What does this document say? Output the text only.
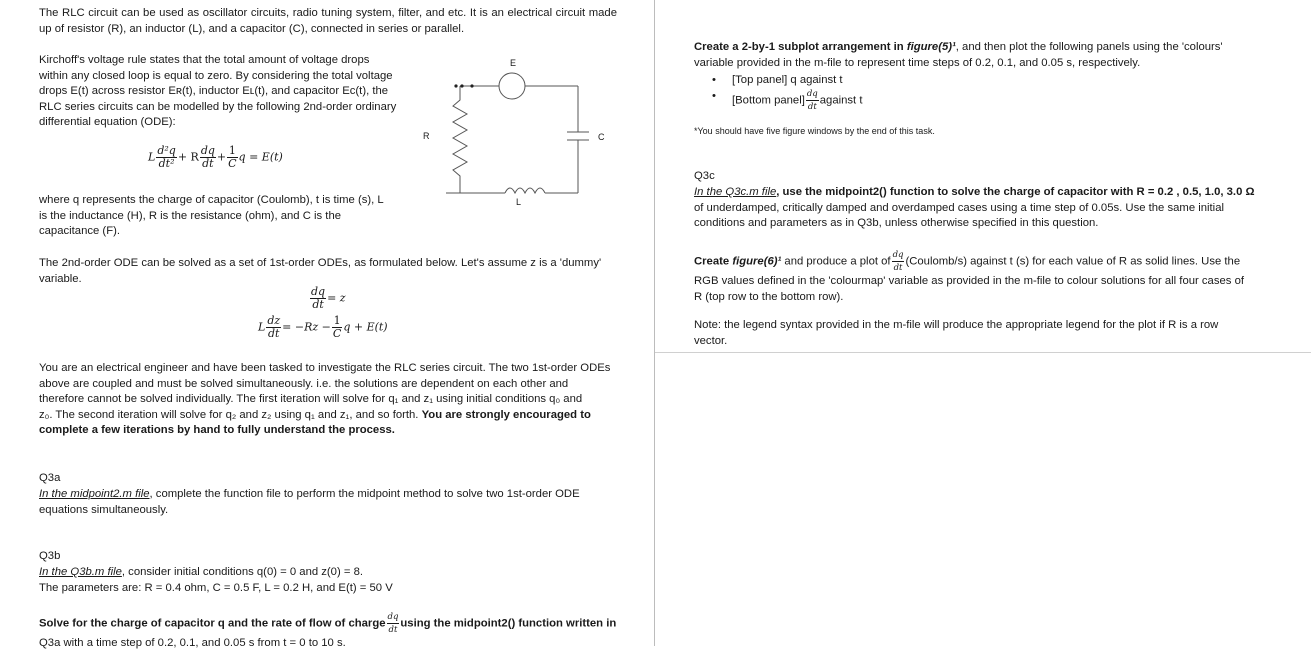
The RLC circuit can be used as oscillator circuits, radio tuning system, filter, and etc. It is an electrical circuit made up of resistor (R), an inductor (L), and a capacitor (C), connected in series or parallel.

Kirchoff's voltage rule states that the total amount of voltage drops
within any closed loop is equal to zero. By considering the total voltage
drops E(t) across resistor Eʀ(t), inductor Eʟ(t), and capacitor Eᴄ(t), the
RLC series circuits can be modelled by the following 2nd-order ordinary
differential equation (ODE):
L $\frac{\text{d²q}}{\text{dt²}} + R \frac{dq}{dt} + \frac{1}{C}$ q = E(t)
where q represents the charge of capacitor (Coulomb), t is time (s), L
is the inductance (H), R is the resistance (ohm), and C is the
capacitance (F).
E
R	C
L

The 2nd-order ODE can be solved as a set of 1st-order ODEs, as formulated below. Let's assume z is a 'dummy' variable.

$\frac{dq}{dt} = z$
L $\frac{dz}{dt} = -Rz - \frac{1}{C}$ q + E(t)
You are an electrical engineer and have been tasked to investigate the RLC series circuit. The two 1st-order ODEs
above are coupled and must be solved simultaneously. i.e. the solutions are dependent on each other and
therefore cannot be solved individually. The first iteration will solve for q₁ and z₁ using initial conditions q₀ and
z₀. The second iteration will solve for q₂ and z₂ using q₁ and z₁, and so forth. You are strongly encouraged to
complete a few iterations by hand to fully understand the process.
Q3a
In the midpoint2.m file, complete the function file to perform the midpoint method to solve two 1st-order ODE equations simultaneously.
Q3b
In the Q3b.m file, consider initial conditions q(0) = 0 and z(0) = 8.
The parameters are: R = 0.4 ohm, C = 0.5 F, L = 0.2 H, and E(t) = 50 V
Solve for the charge of capacitor q and the rate of flow of charge $\frac{dq}{dt}$ using the midpoint2() function written in
Q3a with a time step of 0.2, 0.1, and 0.05 s from t = 0 to 10 s.
Create a 2-by-1 subplot arrangement in figure(5)¹, and then plot the following panels using the 'colours'
variable provided in the m-file to represent time steps of 0.2, 0.1, and 0.05 s, respectively.
• [Top panel] q against t
• [Bottom panel] $\frac{dq}{dt}$ against t
*You should have five figure windows by the end of this task.
Q3c
In the Q3c.m file, use the midpoint2() function to solve the charge of capacitor with R = 0.2 , 0.5, 1.0, 3.0 Ω
of underdamped, critically damped and overdamped cases using a time step of 0.05s. Use the same initial
conditions and parameters as in Q3b, unless otherwise specified in this question.
Create figure(6)¹ and produce a plot of $\frac{dq}{dt}$ (Coulomb/s) against t (s) for each value of R as solid lines. Use the
RGB values defined in the 'colourmap' variable as provided in the m-file to colour solutions for all four cases of
R (top row to the bottom row).
Note: the legend syntax provided in the m-file will produce the appropriate legend for the plot if R is a row
vector.
